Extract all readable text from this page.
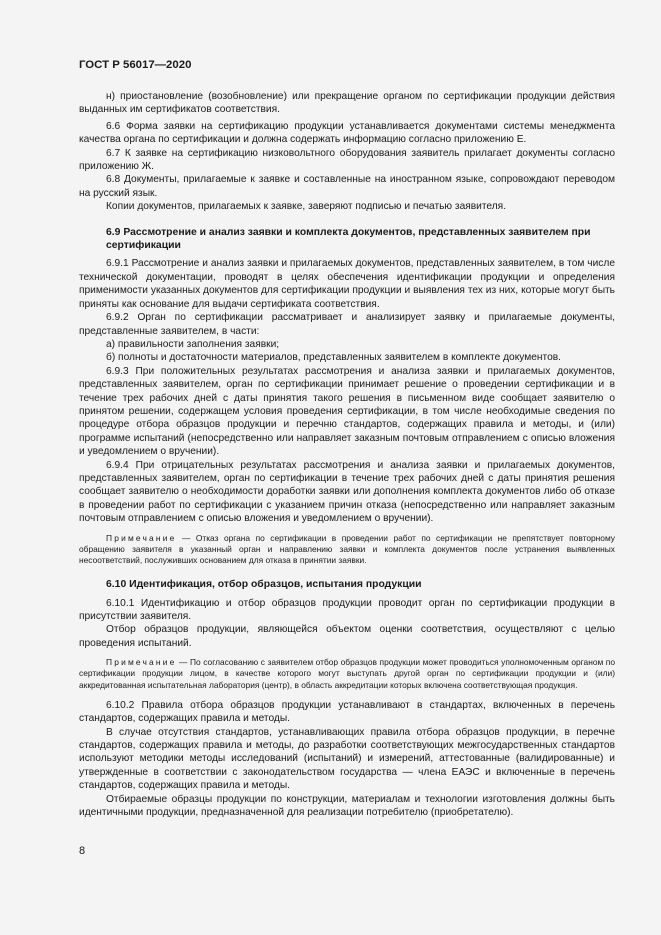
ГОСТ Р 56017—2020

н) приостановление (возобновление) или прекращение органом по сертификации продукции действия выданных им сертификатов соответствия.

6.6 Форма заявки на сертификацию продукции устанавливается документами системы менеджмента качества органа по сертификации и должна содержать информацию согласно приложению Е.

6.7 К заявке на сертификацию низковольтного оборудования заявитель прилагает документы согласно приложению Ж.

6.8 Документы, прилагаемые к заявке и составленные на иностранном языке, сопровождают переводом на русский язык.

Копии документов, прилагаемых к заявке, заверяют подписью и печатью заявителя.

6.9 Рассмотрение и анализ заявки и комплекта документов, представленных заявителем при сертификации

6.9.1 Рассмотрение и анализ заявки и прилагаемых документов, представленных заявителем, в том числе технической документации, проводят в целях обеспечения идентификации продукции и определения применимости указанных документов для сертификации продукции и выявления тех из них, которые могут быть приняты как основание для выдачи сертификата соответствия.

6.9.2 Орган по сертификации рассматривает и анализирует заявку и прилагаемые документы, представленные заявителем, в части:

а) правильности заполнения заявки;

б) полноты и достаточности материалов, представленных заявителем в комплекте документов.

6.9.3 При положительных результатах рассмотрения и анализа заявки и прилагаемых документов, представленных заявителем, орган по сертификации принимает решение о проведении сертификации и в течение трех рабочих дней с даты принятия такого решения в письменном виде сообщает заявителю о принятом решении, содержащем условия проведения сертификации, в том числе необходимые сведения по процедуре отбора образцов продукции и перечню стандартов, содержащих правила и методы, и (или) программе испытаний (непосредственно или направляет заказным почтовым отправлением с описью вложения и уведомлением о вручении).

6.9.4 При отрицательных результатах рассмотрения и анализа заявки и прилагаемых документов, представленных заявителем, орган по сертификации в течение трех рабочих дней с даты принятия решения сообщает заявителю о необходимости доработки заявки или дополнения комплекта документов либо об отказе в проведении работ по сертификации с указанием причин отказа (непосредственно или направляет заказным почтовым отправлением с описью вложения и уведомлением о вручении).

Примечание — Отказ органа по сертификации в проведении работ по сертификации не препятствует повторному обращению заявителя в указанный орган и направлению заявки и комплекта документов после устранения выявленных несоответствий, послуживших основанием для отказа в принятии заявки.
6.10 Идентификация, отбор образцов, испытания продукции

6.10.1 Идентификацию и отбор образцов продукции проводит орган по сертификации продукции в присутствии заявителя.

Отбор образцов продукции, являющейся объектом оценки соответствия, осуществляют с целью проведения испытаний.

Примечание — По согласованию с заявителем отбор образцов продукции может проводиться уполномоченным органом по сертификации продукции лицом, в качестве которого могут выступать другой орган по сертификации продукции и (или) аккредитованная испытательная лаборатория (центр), в область аккредитации которых включена соответствующая продукция.

6.10.2 Правила отбора образцов продукции устанавливают в стандартах, включенных в перечень стандартов, содержащих правила и методы.

В случае отсутствия стандартов, устанавливающих правила отбора образцов продукции, в перечне стандартов, содержащих правила и методы, до разработки соответствующих межгосударственных стандартов используют методики методы исследований (испытаний) и измерений, аттестованные (валидированные) и утвержденные в соответствии с законодательством государства — члена ЕАЭС и включенные в перечень стандартов, содержащих правила и методы.

Отбираемые образцы продукции по конструкции, материалам и технологии изготовления должны быть идентичными продукции, предназначенной для реализации потребителю (приобретателю).

8
